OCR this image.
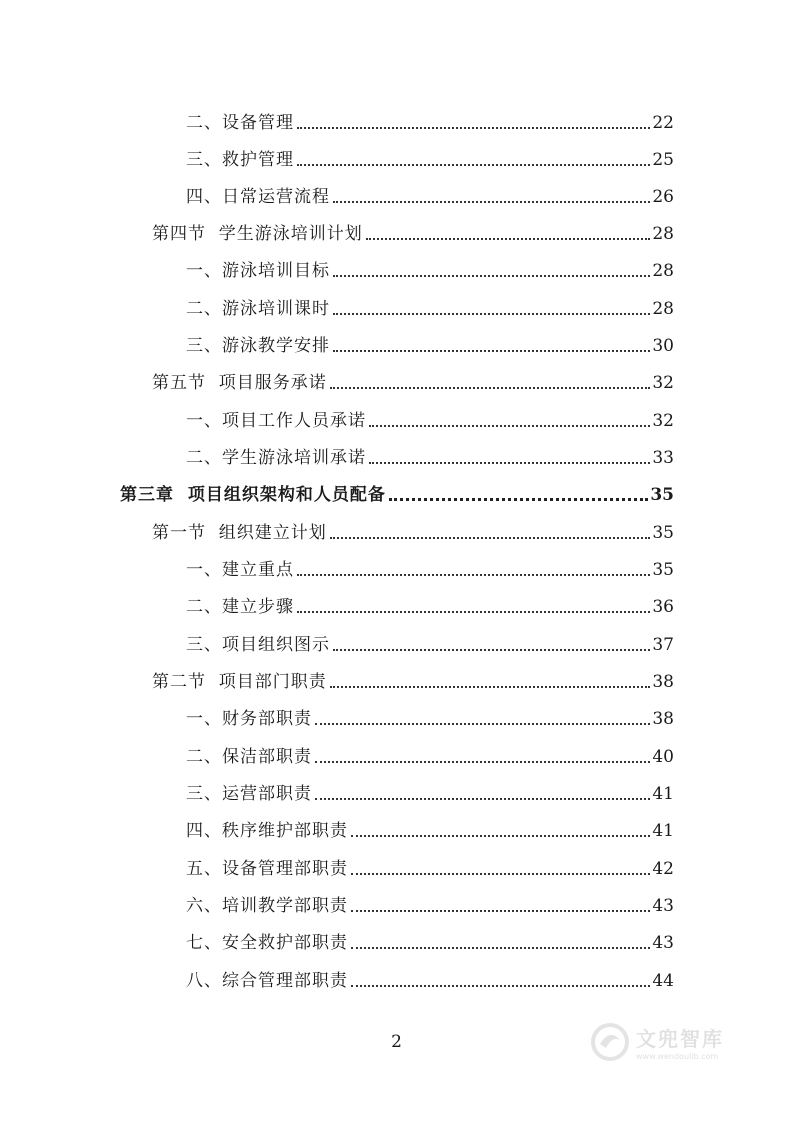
二、设备管理	22
三、救护管理	25
四、日常运营流程	26
第四节  学生游泳培训计划	28
一、游泳培训目标	28
二、游泳培训课时	28
三、游泳教学安排	30
第五节  项目服务承诺	32
一、项目工作人员承诺	32
二、学生游泳培训承诺	33
第三章  项目组织架构和人员配备	35
第一节  组织建立计划	35
一、建立重点	35
二、建立步骤	36
三、项目组织图示	37
第二节  项目部门职责	38
一、财务部职责	38
二、保洁部职责	40
三、运营部职责	41
四、秩序维护部职责	41
五、设备管理部职责	42
六、培训教学部职责	43
七、安全救护部职责	43
八、综合管理部职责	44
2	文兜智库
www.wendoulib.com
